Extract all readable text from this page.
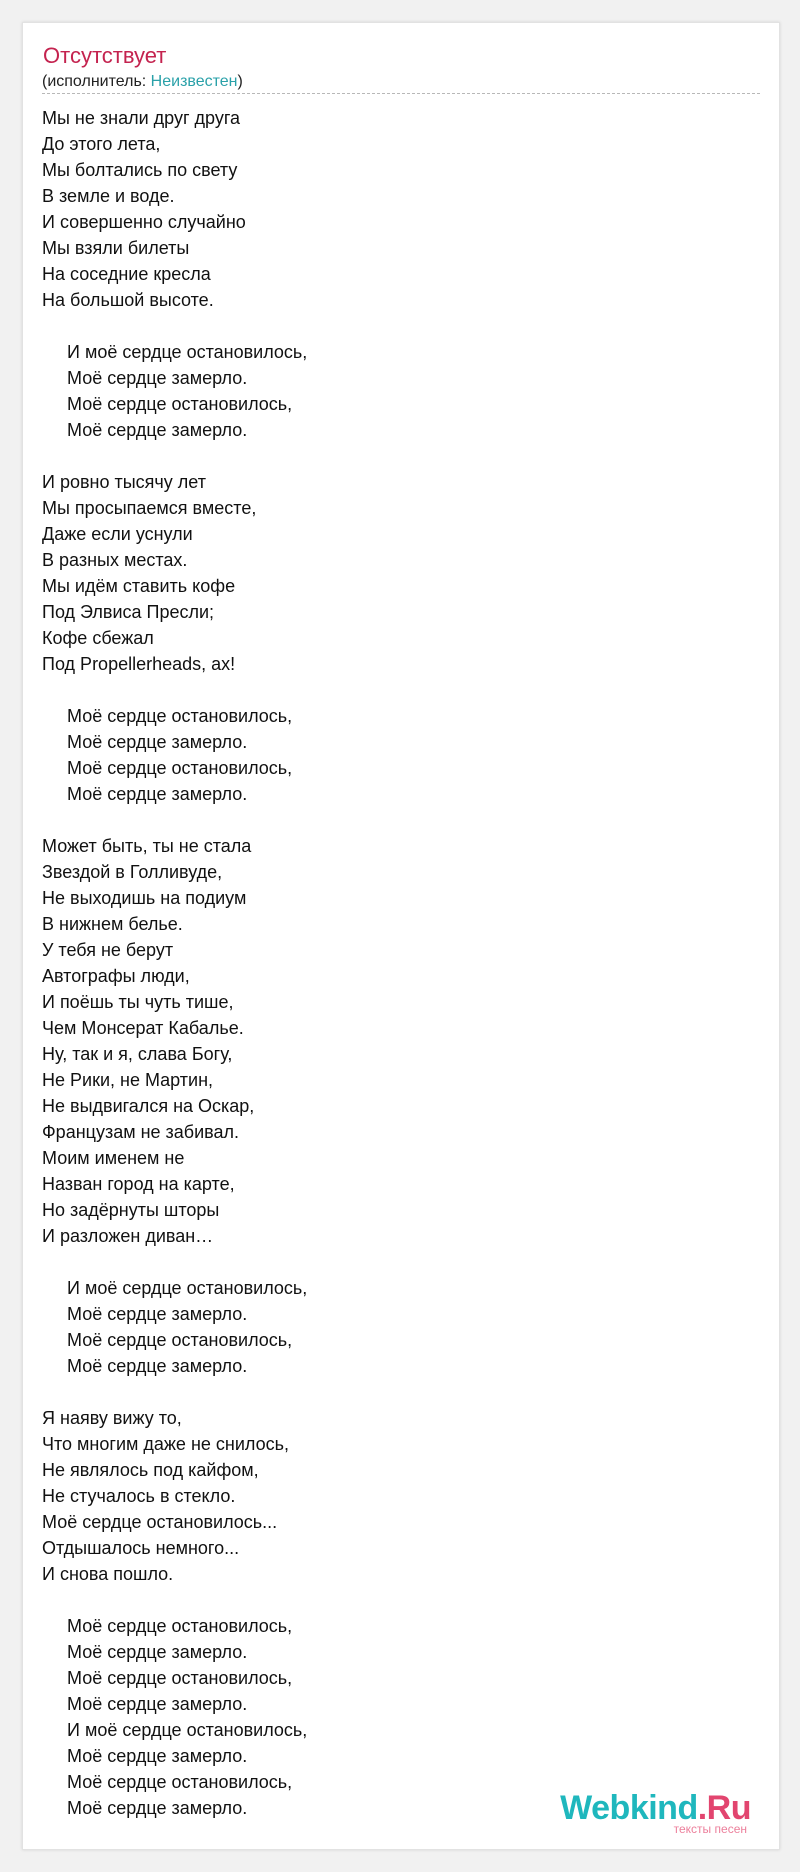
Отсутствует
(исполнитель: Неизвестен)
Мы не знали друг друга
До этого лета,
Мы болтались по свету
В земле и воде.
И совершенно случайно
Мы взяли билеты
На соседние кресла
На большой высоте.
И моё сердце остановилось,
Моё сердце замерло.
Моё сердце остановилось,
Моё сердце замерло.
И ровно тысячу лет
Мы просыпаемся вместе,
Даже если уснули
В разных местах.
Мы идём ставить кофе
Под Элвиса Пресли;
Кофе сбежал
Под Propellerheads, ах!
Моё сердце остановилось,
Моё сердце замерло.
Моё сердце остановилось,
Моё сердце замерло.
Может быть, ты не стала
Звездой в Голливуде,
Не выходишь на подиум
В нижнем белье.
У тебя не берут
Автографы люди,
И поёшь ты чуть тише,
Чем Монсерат Кабалье.
Ну, так и я, слава Богу,
Не Рики, не Мартин,
Не выдвигался на Оскар,
Французам не забивал.
Моим именем не
Назван город на карте,
Но задёрнуты шторы
И разложен диван…
И моё сердце остановилось,
Моё сердце замерло.
Моё сердце остановилось,
Моё сердце замерло.
Я наяву вижу то,
Что многим даже не снилось,
Не являлось под кайфом,
Не стучалось в стекло.
Моё сердце остановилось...
Отдышалось немного...
И снова пошло.
Моё сердце остановилось,
Моё сердце замерло.
Моё сердце остановилось,
Моё сердце замерло.
И моё сердце остановилось,
Моё сердце замерло.
Моё сердце остановилось,
Моё сердце замерло.	Webkind.Ru
тексты песен
